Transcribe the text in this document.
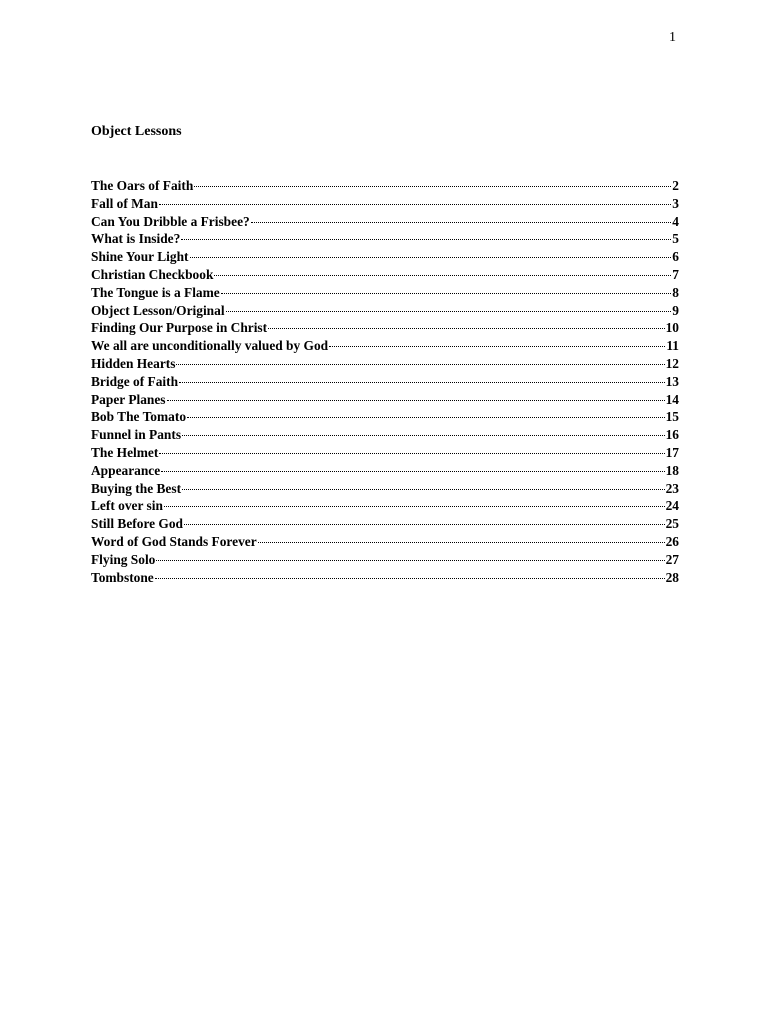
1
Object Lessons
The Oars of Faith	2
Fall of Man	3
Can You Dribble a Frisbee?	4
What is Inside?	5
Shine Your Light	6
Christian Checkbook	7
The Tongue is a Flame	8
Object Lesson/Original	9
Finding Our Purpose in Christ	10
We all are unconditionally valued by God	11
Hidden Hearts	12
Bridge of Faith	13
Paper Planes	14
Bob The Tomato	15
Funnel in Pants	16
The Helmet	17
Appearance	18
Buying the Best	23
Left over sin	24
Still Before God	25
Word of God Stands Forever	26
Flying Solo	27
Tombstone	28
